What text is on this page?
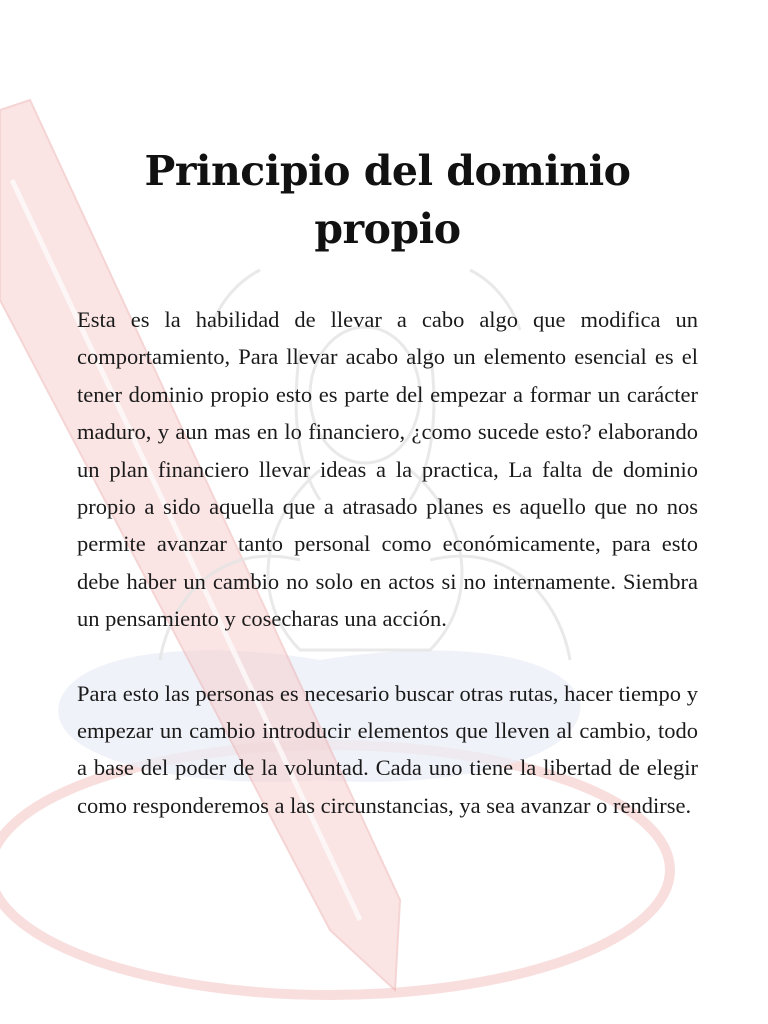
Principio del dominio propio

Esta es la habilidad de llevar a cabo algo que modifica un comportamiento, Para llevar acabo algo un elemento esencial es el tener dominio propio esto es parte del empezar a formar un carácter maduro, y aun mas en lo financiero, ¿como sucede esto? elaborando un plan financiero llevar ideas a la practica, La falta de dominio propio a sido aquella que a atrasado planes es aquello que no nos permite avanzar tanto personal como económicamente, para esto debe haber un cambio no solo en actos si no internamente. Siembra un pensamiento y cosecharas una acción.

Para esto las personas es necesario buscar otras rutas, hacer tiempo y empezar un cambio introducir elementos que lleven al cambio, todo a base del poder de la voluntad. Cada uno tiene la libertad de elegir como responderemos a las circunstancias, ya sea avanzar o rendirse.
